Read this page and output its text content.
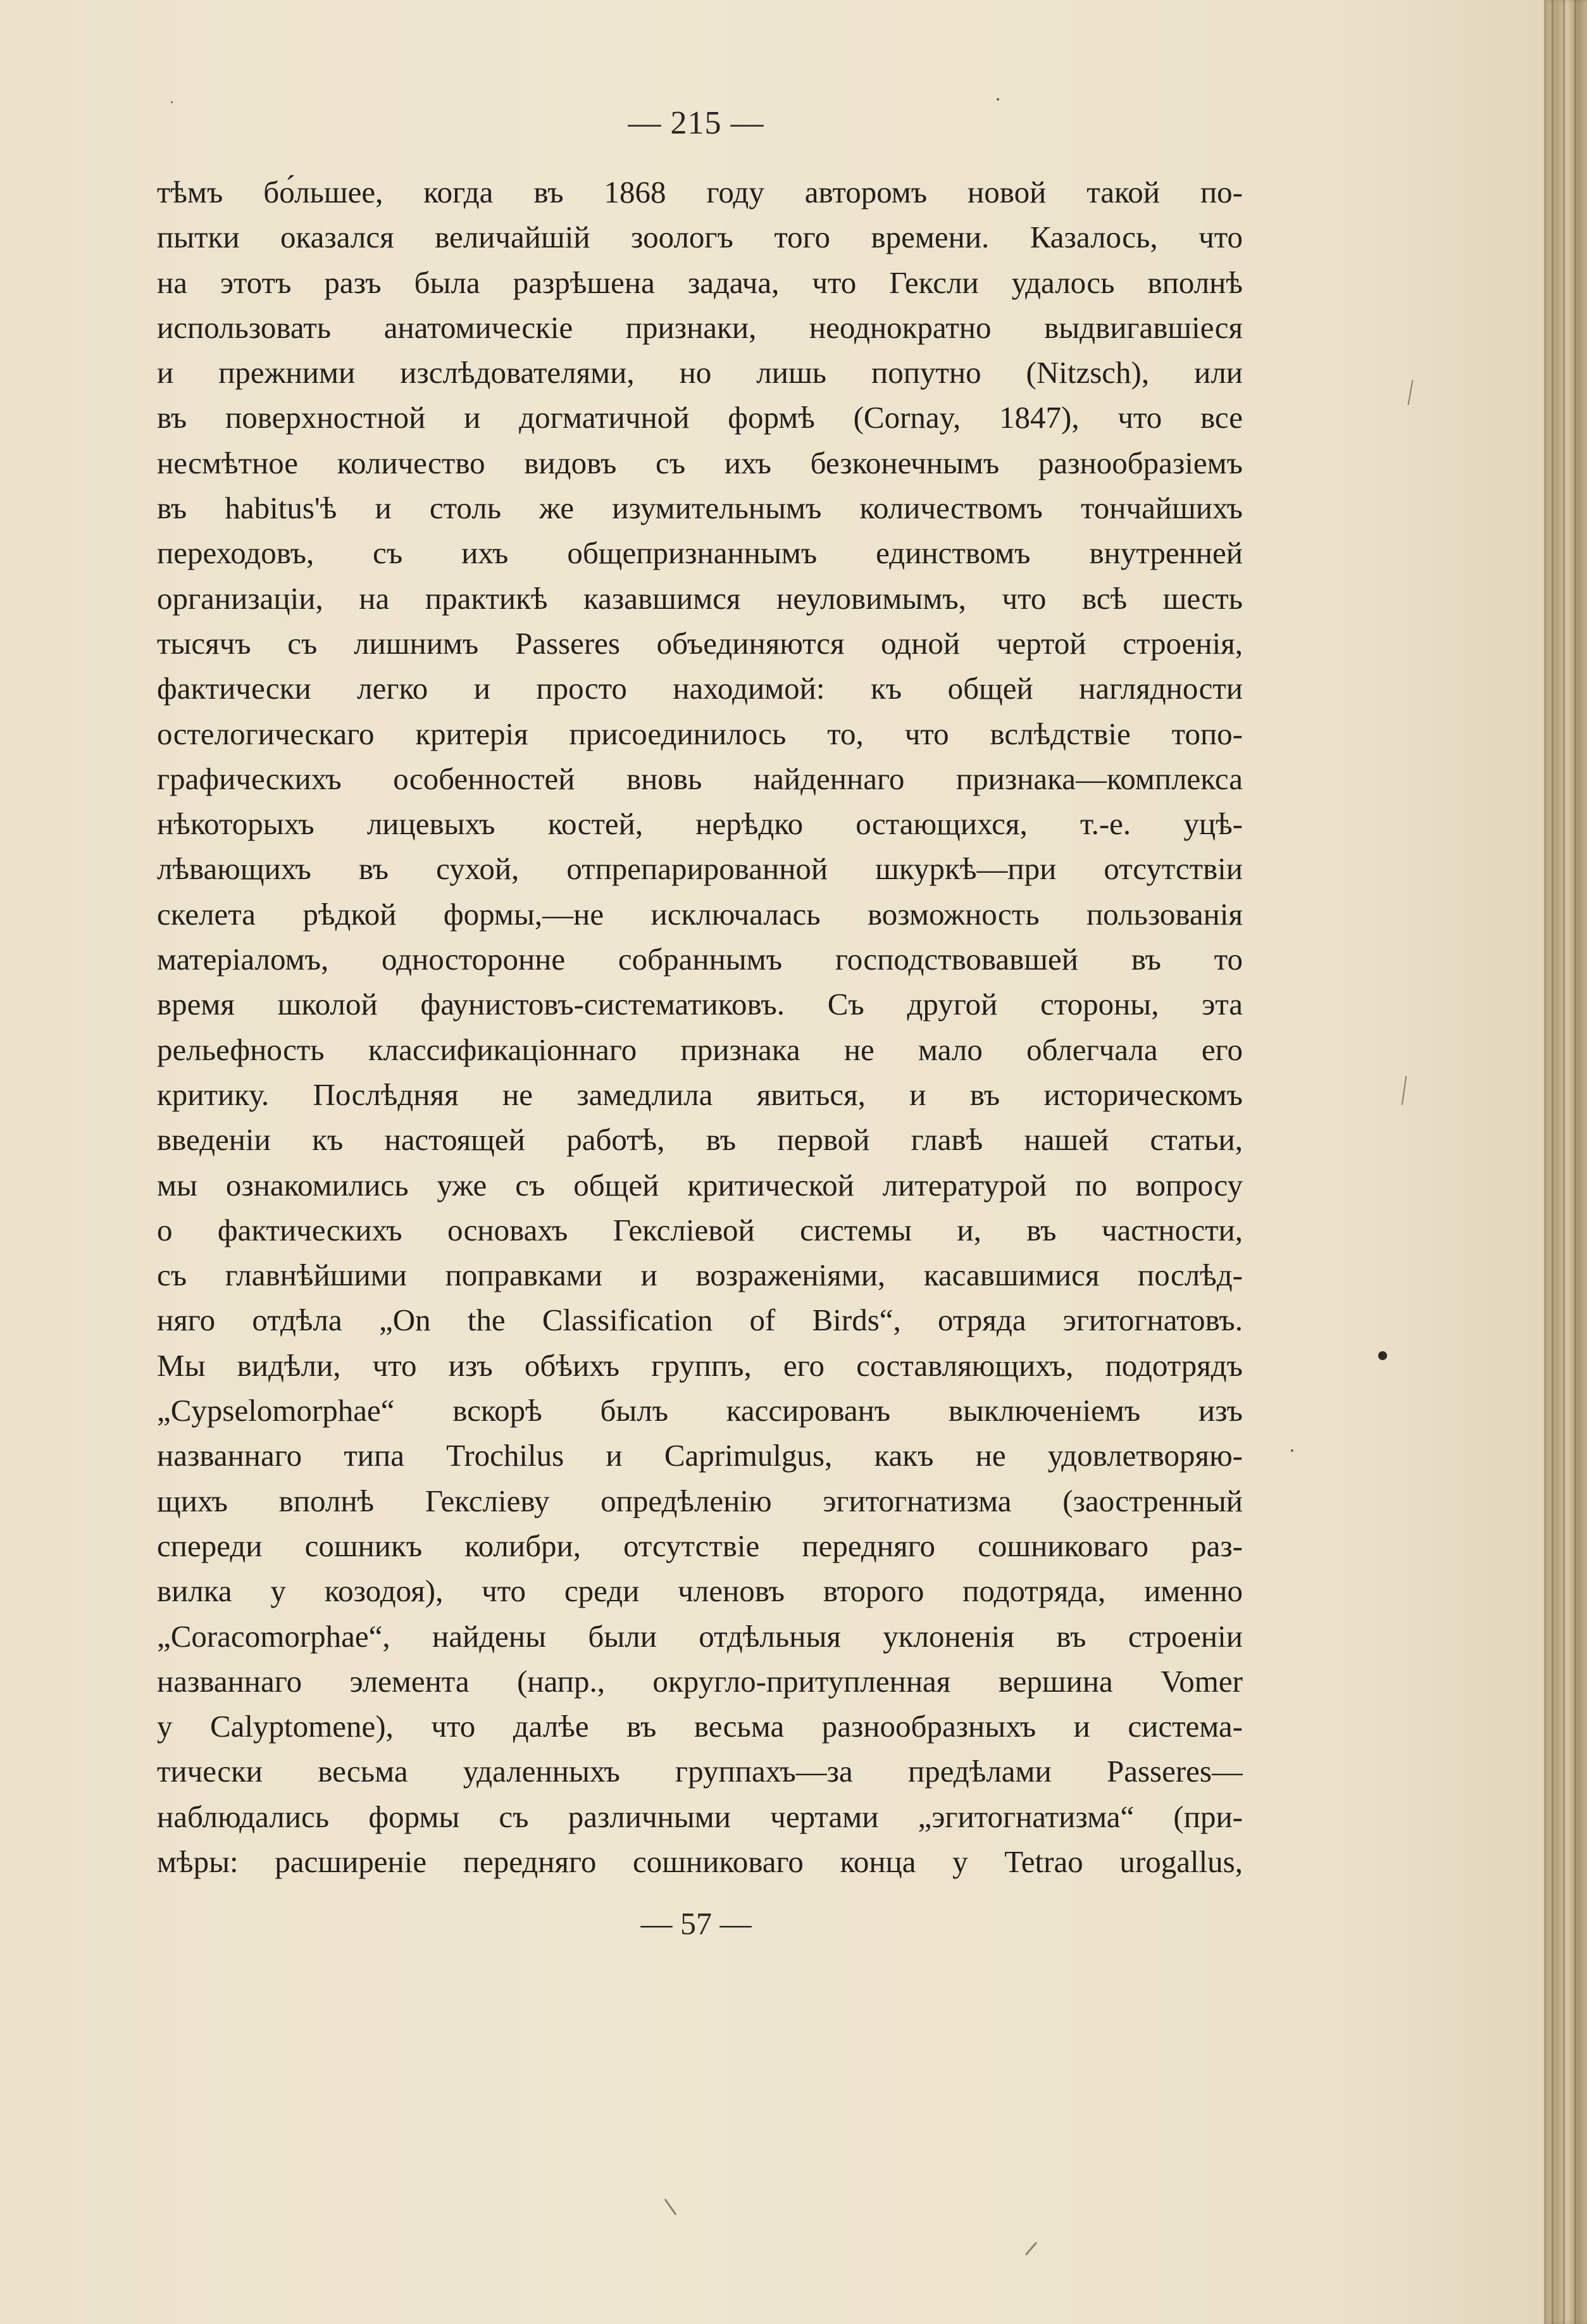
— 215 —
тѣмъ бо́льшее, когда въ 1868 году авторомъ новой такой по-
пытки оказался величайшій зоологъ того времени. Казалось, что
на этотъ разъ была разрѣшена задача, что Гексли удалось вполнѣ
использовать анатомическіе признаки, неоднократно выдвигавшіеся
и прежними изслѣдователями, но лишь попутно (Nitzsch), или
въ поверхностной и догматичной формѣ (Cornay, 1847), что все
несмѣтное количество видовъ съ ихъ безконечнымъ разнообразіемъ
въ habitus'ѣ и столь же изумительнымъ количествомъ тончайшихъ
переходовъ, съ ихъ общепризнаннымъ единствомъ внутренней
организаціи, на практикѣ казавшимся неуловимымъ, что всѣ шесть
тысячъ съ лишнимъ Passeres объединяются одной чертой строенія,
фактически легко и просто находимой: къ общей наглядности
остелогическаго критерія присоединилось то, что вслѣдствіе топо-
графическихъ особенностей вновь найденнаго признака—комплекса
нѣкоторыхъ лицевыхъ костей, нерѣдко остающихся, т.-е. уцѣ-
лѣвающихъ въ сухой, отпрепарированной шкуркѣ—при отсутствіи
скелета рѣдкой формы,—не исключалась возможность пользованія
матеріаломъ, односторонне собраннымъ господствовавшей въ то
время школой фаунистовъ-систематиковъ. Съ другой стороны, эта
рельефность классификаціоннаго признака не мало облегчала его
критику. Послѣдняя не замедлила явиться, и въ историческомъ
введеніи къ настоящей работѣ, въ первой главѣ нашей статьи,
мы ознакомились уже съ общей критической литературой по вопросу
о фактическихъ основахъ Гексліевой системы и, въ частности,
съ главнѣйшими поправками и возраженіями, касавшимися послѣд-
няго отдѣла „On the Classification of Birds“, отряда эгитогнатовъ.
Мы видѣли, что изъ обѣихъ группъ, его составляющихъ, подотрядъ
„Cypselomorphae“ вскорѣ былъ кассированъ выключеніемъ изъ
названнаго типа Trochilus и Caprimulgus, какъ не удовлетворяю-
щихъ вполнѣ Гексліеву опредѣленію эгитогнатизма (заостренный
спереди сошникъ колибри, отсутствіе передняго сошниковаго раз-
вилка у козодоя), что среди членовъ второго подотряда, именно
„Coracomorphae“, найдены были отдѣльныя уклоненія въ строеніи
названнаго элемента (напр., округло-притупленная вершина Vomer
у Calyptomene), что далѣе въ весьма разнообразныхъ и система-
тически весьма удаленныхъ группахъ—за предѣлами Passeres—
наблюдались формы съ различными чертами „эгитогнатизма“ (при-
мѣры: расширеніе передняго сошниковаго конца у Tetrao urogallus,
— 57 —
